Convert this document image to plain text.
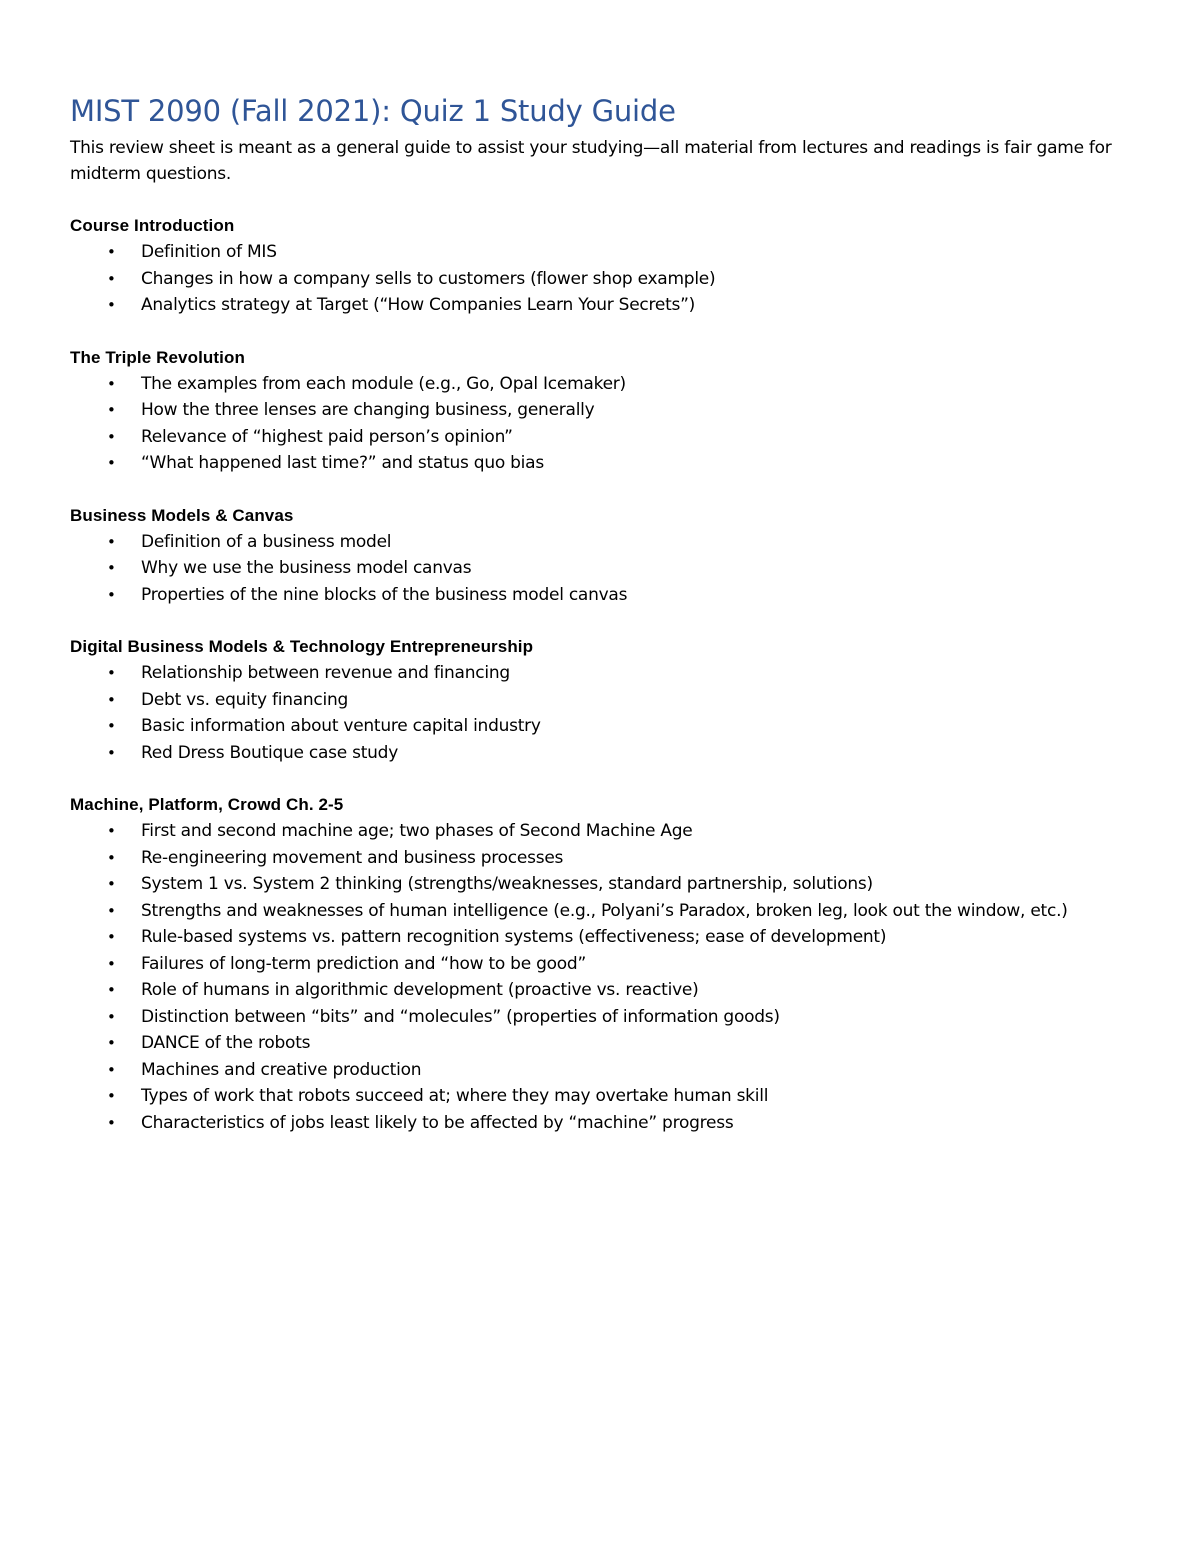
MIST 2090 (Fall 2021): Quiz 1 Study Guide

This review sheet is meant as a general guide to assist your studying—all material from lectures and readings is fair game for midterm questions.

Course Introduction
• Definition of MIS
• Changes in how a company sells to customers (flower shop example)
• Analytics strategy at Target (“How Companies Learn Your Secrets”)
The Triple Revolution
• The examples from each module (e.g., Go, Opal Icemaker)
• How the three lenses are changing business, generally
• Relevance of “highest paid person’s opinion”
• “What happened last time?” and status quo bias
Business Models & Canvas
• Definition of a business model
• Why we use the business model canvas
• Properties of the nine blocks of the business model canvas
Digital Business Models & Technology Entrepreneurship
• Relationship between revenue and financing
• Debt vs. equity financing
• Basic information about venture capital industry
• Red Dress Boutique case study
Machine, Platform, Crowd Ch. 2-5
• First and second machine age; two phases of Second Machine Age
• Re-engineering movement and business processes
• System 1 vs. System 2 thinking (strengths/weaknesses, standard partnership, solutions)
• Strengths and weaknesses of human intelligence (e.g., Polyani’s Paradox, broken leg, look out the window, etc.)
• Rule-based systems vs. pattern recognition systems (effectiveness; ease of development)
• Failures of long-term prediction and “how to be good”
• Role of humans in algorithmic development (proactive vs. reactive)
• Distinction between “bits” and “molecules” (properties of information goods)
• DANCE of the robots
• Machines and creative production
• Types of work that robots succeed at; where they may overtake human skill
• Characteristics of jobs least likely to be affected by “machine” progress
